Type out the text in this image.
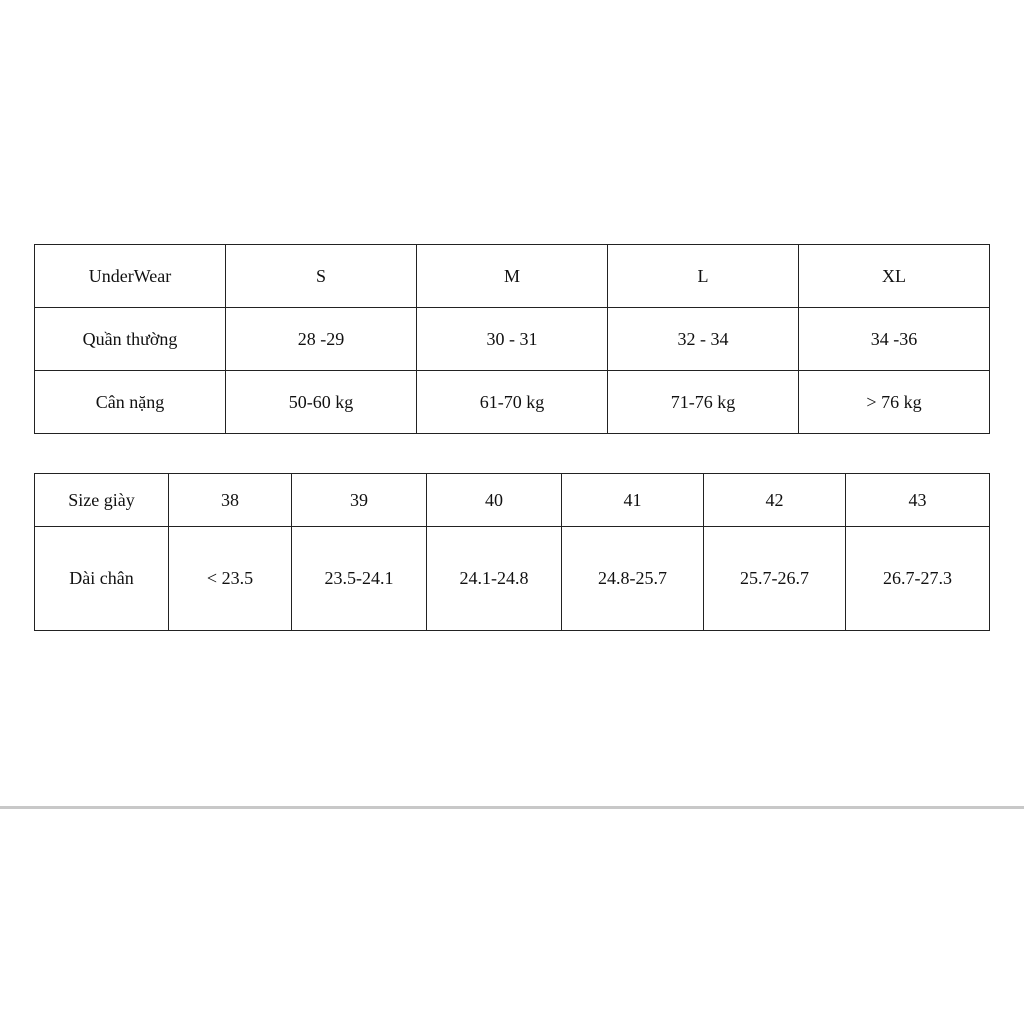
UnderWear	S	M	L	XL
Quần thường	28 -29	30 - 31	32 - 34	34 -36
Cân nặng	50-60 kg	61-70 kg	71-76 kg	> 76 kg
Size giày	38	39	40	41	42	43
Dài chân	< 23.5	23.5-24.1	24.1-24.8	24.8-25.7	25.7-26.7	26.7-27.3
